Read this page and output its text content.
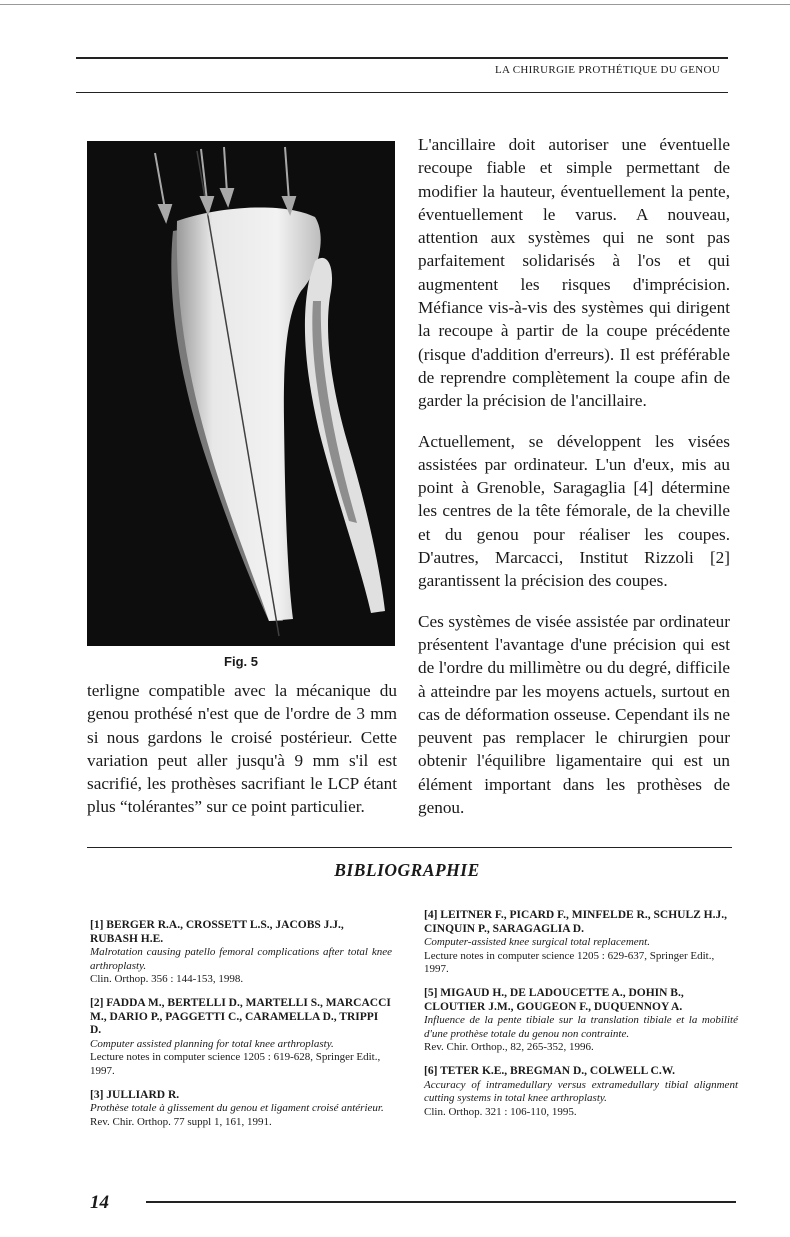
LA CHIRURGIE PROTHÉTIQUE DU GENOU
Fig. 5

terligne compatible avec la mécanique du genou prothésé n'est que de l'ordre de 3 mm si nous gardons le croisé postérieur. Cette variation peut aller jusqu'à 9 mm s'il est sacrifié, les prothèses sacrifiant le LCP étant plus “tolérantes” sur ce point particulier.

L'ancillaire doit autoriser une éventuelle recoupe fiable et simple permettant de modifier la hauteur, éventuellement la pente, éventuellement le varus. A nouveau, attention aux systèmes qui ne sont pas parfaitement solidarisés à l'os et qui augmentent les risques d'imprécision. Méfiance vis-à-vis des systèmes qui dirigent la recoupe à partir de la coupe précédente (risque d'addition d'erreurs). Il est préférable de reprendre complètement la coupe afin de garder la précision de l'ancillaire.

Actuellement, se développent les visées assistées par ordinateur. L'un d'eux, mis au point à Grenoble, Saragaglia [4] détermine les centres de la tête fémorale, de la cheville et du genou pour réaliser les coupes. D'autres, Marcacci, Institut Rizzoli [2] garantissent la précision des coupes.

Ces systèmes de visée assistée par ordinateur présentent l'avantage d'une précision qui est de l'ordre du millimètre ou du degré, difficile à atteindre par les moyens actuels, surtout en cas de déformation osseuse. Cependant ils ne peuvent pas remplacer le chirurgien pour obtenir l'équilibre ligamentaire qui est un élément important dans les prothèses de genou.

BIBLIOGRAPHIE
[1] BERGER R.A., CROSSETT L.S., JACOBS J.J., RUBASH H.E.
Malrotation causing patello femoral complications after total knee arthroplasty.
Clin. Orthop. 356 : 144-153, 1998.
[2] FADDA M., BERTELLI D., MARTELLI S., MARCACCI M., DARIO P., PAGGETTI C., CARAMELLA D., TRIPPI D.
Computer assisted planning for total knee arthroplasty.
Lecture notes in computer science 1205 : 619-628, Springer Edit., 1997.
[3] JULLIARD R.
Prothèse totale à glissement du genou et ligament croisé antérieur.
Rev. Chir. Orthop. 77 suppl 1, 161, 1991.
[4] LEITNER F., PICARD F., MINFELDE R., SCHULZ H.J., CINQUIN P., SARAGAGLIA D.
Computer-assisted knee surgical total replacement.
Lecture notes in computer science 1205 : 629-637, Springer Edit., 1997.
[5] MIGAUD H., DE LADOUCETTE A., DOHIN B., CLOUTIER J.M., GOUGEON F., DUQUENNOY A.
Influence de la pente tibiale sur la translation tibiale et la mobilité d'une prothèse totale du genou non contrainte.
Rev. Chir. Orthop., 82, 265-352, 1996.
[6] TETER K.E., BREGMAN D., COLWELL C.W.
Accuracy of intramedullary versus extramedullary tibial alignment cutting systems in total knee arthroplasty.
Clin. Orthop. 321 : 106-110, 1995.
14
